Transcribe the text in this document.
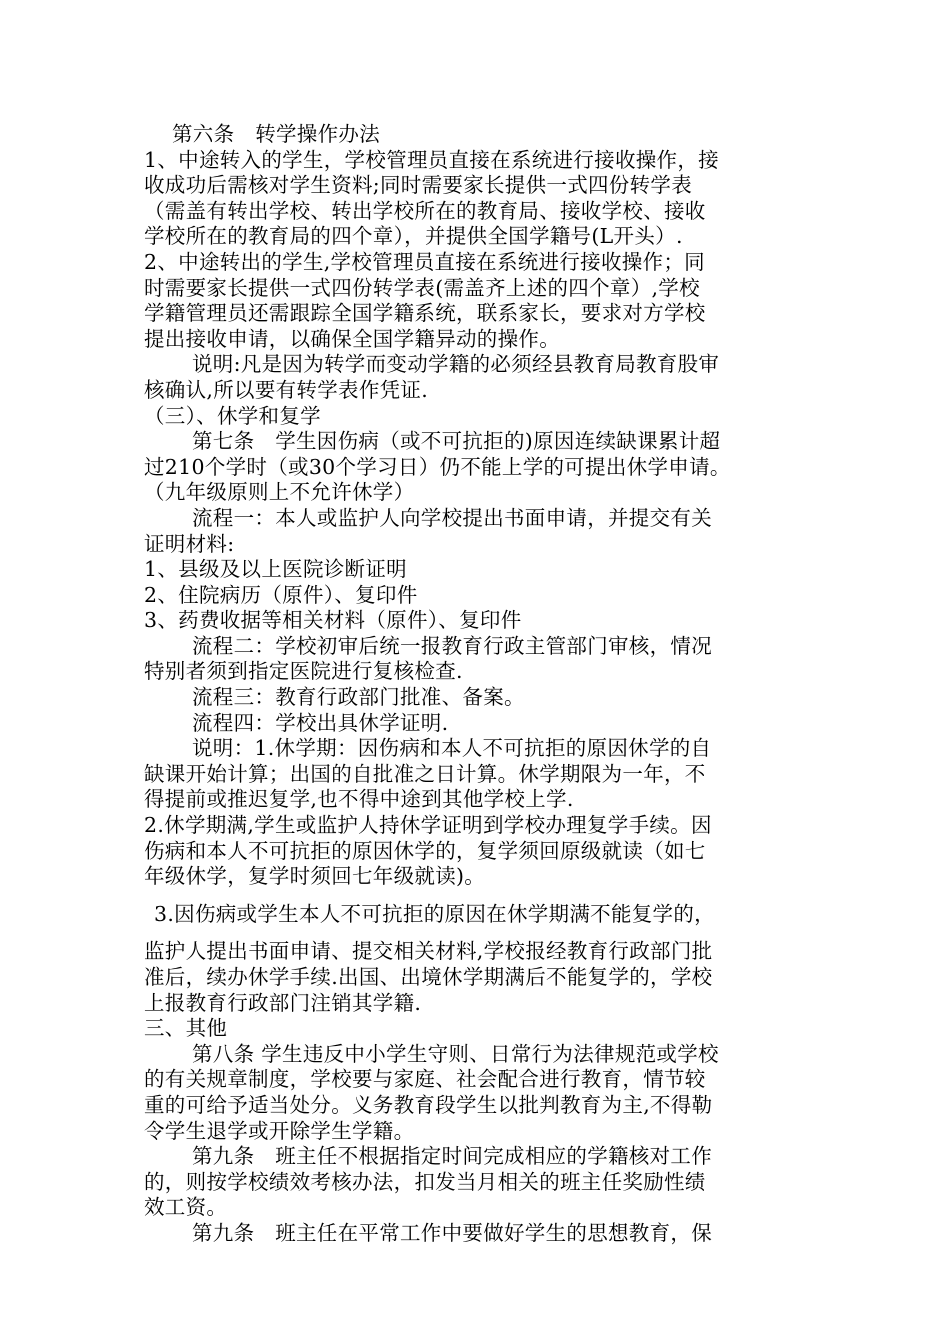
第六条　转学操作办法
1、中途转入的学生，学校管理员直接在系统进行接收操作，接
收成功后需核对学生资料;同时需要家长提供一式四份转学表
（需盖有转出学校、转出学校所在的教育局、接收学校、接收
学校所在的教育局的四个章），并提供全国学籍号(L开头）.
2、中途转出的学生,学校管理员直接在系统进行接收操作；同
时需要家长提供一式四份转学表(需盖齐上述的四个章）,学校
学籍管理员还需跟踪全国学籍系统，联系家长，要求对方学校
提出接收申请，以确保全国学籍异动的操作。
说明:凡是因为转学而变动学籍的必须经县教育局教育股审
核确认,所以要有转学表作凭证.
（三）、休学和复学
第七条　学生因伤病（或不可抗拒的)原因连续缺课累计超
过210个学时（或30个学习日）仍不能上学的可提出休学申请。
（九年级原则上不允许休学）
流程一：本人或监护人向学校提出书面申请，并提交有关
证明材料:
1、县级及以上医院诊断证明
2、住院病历（原件）、复印件
3、药费收据等相关材料（原件）、复印件
流程二：学校初审后统一报教育行政主管部门审核，情况
特别者须到指定医院进行复核检查.
流程三：教育行政部门批准、备案。
流程四：学校出具休学证明.
说明：1.休学期：因伤病和本人不可抗拒的原因休学的自
缺课开始计算；出国的自批准之日计算。休学期限为一年，不
得提前或推迟复学,也不得中途到其他学校上学.
2.休学期满,学生或监护人持休学证明到学校办理复学手续。因
伤病和本人不可抗拒的原因休学的，复学须回原级就读（如七
年级休学，复学时须回七年级就读)。
3.因伤病或学生本人不可抗拒的原因在休学期满不能复学的，
监护人提出书面申请、提交相关材料,学校报经教育行政部门批
准后，续办休学手续.出国、出境休学期满后不能复学的，学校
上报教育行政部门注销其学籍.
三、其他
第八条 学生违反中小学生守则、日常行为法律规范或学校
的有关规章制度，学校要与家庭、社会配合进行教育，情节较
重的可给予适当处分。义务教育段学生以批判教育为主,不得勒
令学生退学或开除学生学籍。
第九条　班主任不根据指定时间完成相应的学籍核对工作
的，则按学校绩效考核办法，扣发当月相关的班主任奖励性绩
效工资。
第九条　班主任在平常工作中要做好学生的思想教育，保
